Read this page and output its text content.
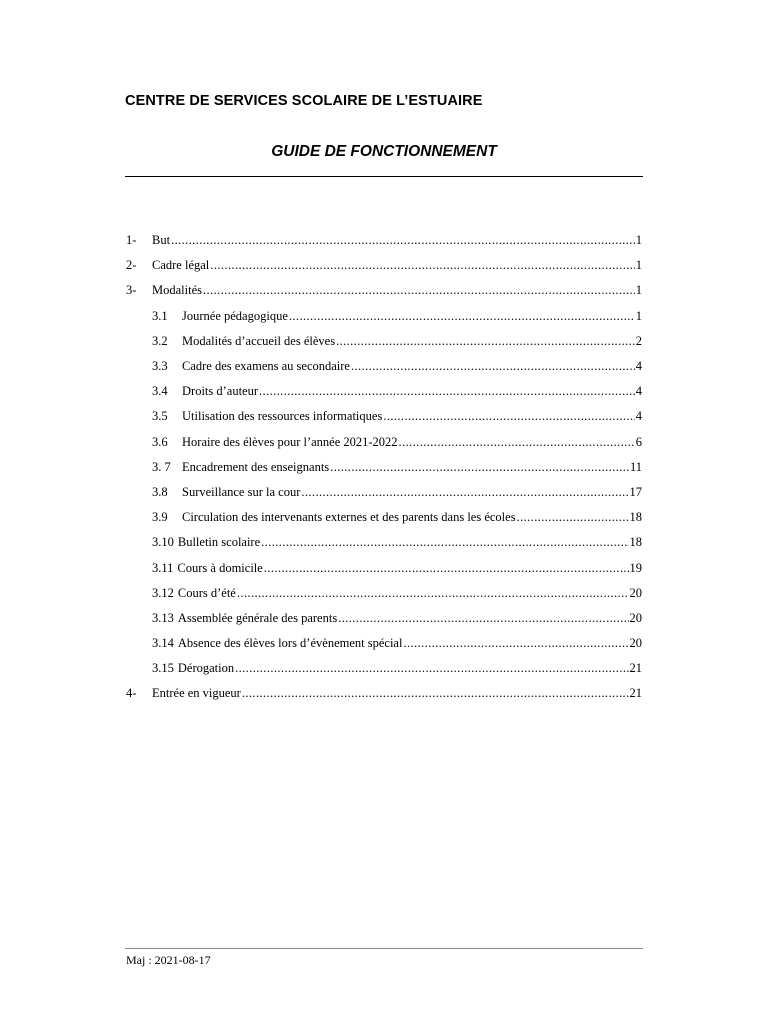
CENTRE DE SERVICES SCOLAIRE DE L’ESTUAIRE
GUIDE DE FONCTIONNEMENT
1-	But .....	1
2-	Cadre légal .....	1
3-	Modalités .....	1
3.1	Journée pédagogique .....	1
3.2	Modalités d’accueil des élèves .....	2
3.3	Cadre des examens au secondaire .....	4
3.4	Droits d’auteur .....	4
3.5	Utilisation des ressources informatiques .....	4
3.6	Horaire des élèves pour l’année 2021-2022 .....	6
3. 7 Encadrement des enseignants .....	11
3.8	Surveillance sur la cour .....	17
3.9	Circulation des intervenants externes et des parents dans les écoles .....	18
3.10 Bulletin scolaire .....	18
3.11 Cours à domicile .....	19
3.12 Cours d’été .....	20
3.13 Assemblée générale des parents .....	20
3.14 Absence des élèves lors d’évènement spécial .....	20
3.15 Dérogation .....	21
4-	Entrée en vigueur .....	21
Maj : 2021-08-17
